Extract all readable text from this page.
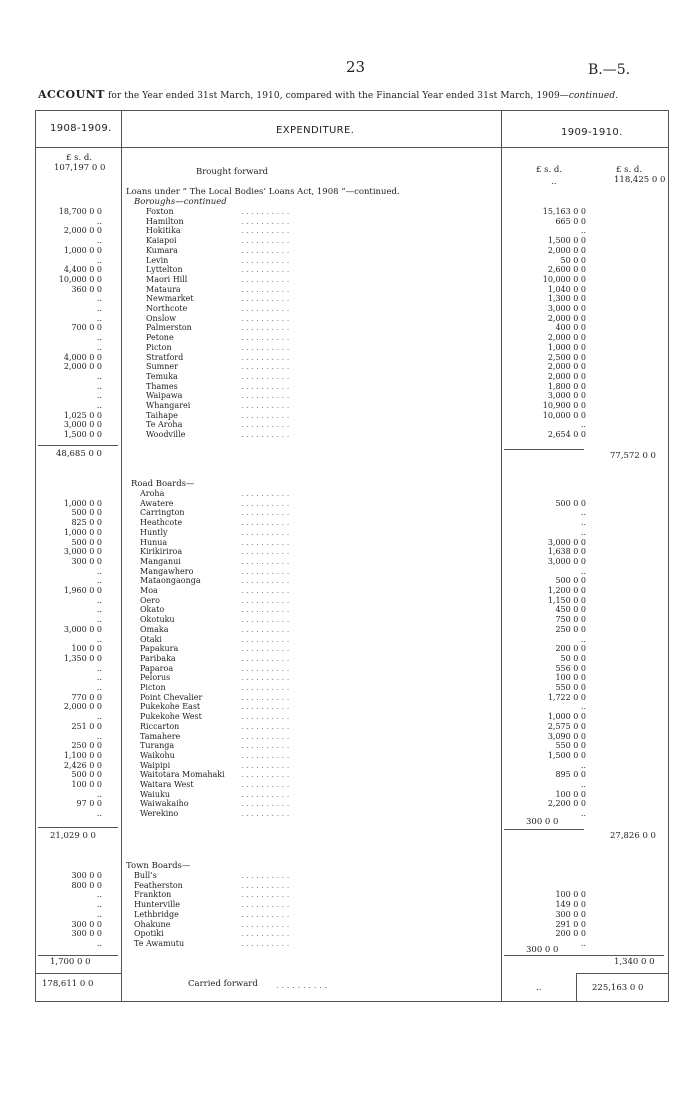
23	B.—5.
ACCOUNT for the Year ended 31st March, 1910, compared with the Financial Year ended 31st March, 1909—continued.
1908-1909.	EXPENDITURE.	1909-1910.
£ s. d.
£ s. d.	£ s. d.
107,197 0 0	Brought forward
..	118,425 0 0
Loans under “ The Local Bodies’ Loans Act, 1908 ”—continued.
Boroughs—continued
18,700 0 0	Foxton	. . . . . . . . . .	15,163 0 0
..	Hamilton	. . . . . . . . . .	665 0 0
2,000 0 0	Hokitika	. . . . . . . . . .	..
..	Kaiapoi	. . . . . . . . . .	1,500 0 0
1,000 0 0	Kumara	. . . . . . . . . .	2,000 0 0
..	Levin	. . . . . . . . . .	50 0 0
4,400 0 0	Lyttelton	. . . . . . . . . .	2,600 0 0
10,000 0 0	Maori Hill	. . . . . . . . . .	10,000 0 0
360 0 0	Mataura	. . . . . . . . . .	1,040 0 0
..	Newmarket	. . . . . . . . . .	1,300 0 0
..	Northcote	. . . . . . . . . .	3,000 0 0
..	Onslow	. . . . . . . . . .	2,000 0 0
700 0 0	Palmerston	. . . . . . . . . .	400 0 0
..	Petone	. . . . . . . . . .	2,000 0 0
..	Picton	. . . . . . . . . .	1,000 0 0
4,000 0 0	Stratford	. . . . . . . . . .	2,500 0 0
2,000 0 0	Sumner	. . . . . . . . . .	2,000 0 0
..	Temuka	. . . . . . . . . .	2,000 0 0
..	Thames	. . . . . . . . . .	1,800 0 0
..	Waipawa	. . . . . . . . . .	3,000 0 0
..	Whangarei	. . . . . . . . . .	10,900 0 0
1,025 0 0	Taihape	. . . . . . . . . .	10,000 0 0
3,000 0 0	Te Aroha	. . . . . . . . . .	..
1,500 0 0	Woodville	. . . . . . . . . .	2,654 0 0
48,685 0 0	77,572 0 0
Road Boards—
Aroha	. . . . . . . . . .
1,000 0 0	Awatere	. . . . . . . . . .	500 0 0
500 0 0	Carrington	. . . . . . . . . .	..
825 0 0	Heathcote	. . . . . . . . . .	..
1,000 0 0	Huntly	. . . . . . . . . .	..
500 0 0	Hunua	. . . . . . . . . .	3,000 0 0
3,000 0 0	Kirikiriroa	. . . . . . . . . .	1,638 0 0
300 0 0	Manganui	. . . . . . . . . .	3,000 0 0
..	Mangawhero	. . . . . . . . . .	..
..	Mataongaonga	. . . . . . . . . .	500 0 0
1,960 0 0	Moa	. . . . . . . . . .	1,200 0 0
..	Oero	. . . . . . . . . .	1,150 0 0
..	Okato	. . . . . . . . . .	450 0 0
..	Okotuku	. . . . . . . . . .	750 0 0
3,000 0 0	Omaka	. . . . . . . . . .	250 0 0
..	Otaki	. . . . . . . . . .	..
100 0 0	Papakura	. . . . . . . . . .	200 0 0
1,350 0 0	Paribaka	. . . . . . . . . .	50 0 0
..	Paparoa	. . . . . . . . . .	556 0 0
..	Pelorus	. . . . . . . . . .	100 0 0
..	Picton	. . . . . . . . . .	550 0 0
770 0 0	Point Chevalier	. . . . . . . . . .	1,722 0 0
2,000 0 0	Pukekohe East	. . . . . . . . . .	..
..	Pukekohe West	. . . . . . . . . .	1,000 0 0
251 0 0	Riccarton	. . . . . . . . . .	2,575 0 0
..	Tamahere	. . . . . . . . . .	3,090 0 0
250 0 0	Turanga	. . . . . . . . . .	550 0 0
1,100 0 0	Waikohu	. . . . . . . . . .	1,500 0 0
2,426 0 0	Waipipi	. . . . . . . . . .	..
500 0 0	Waitotara Momahaki . . . . . . . . . .	895 0 0
100 0 0	Waitara West	. . . . . . . . . .	..
..	Waiuku	. . . . . . . . . .	100 0 0
97 0 0	Waiwakaiho	. . . . . . . . . .	2,200 0 0
..	Werekino	. . . . . . . . . .	..
300 0 0
21,029 0 0	27,826 0 0
Town Boards—
300 0 0	Bull’s	. . . . . . . . . .
800 0 0	Featherston	. . . . . . . . . .
..	Frankton	. . . . . . . . . .	100 0 0
..	Hunterville	. . . . . . . . . .	149 0 0
..	Lethbridge	. . . . . . . . . .	300 0 0
300 0 0	Ohakune	. . . . . . . . . .	291 0 0
300 0 0	Opotiki	. . . . . . . . . .	200 0 0
..	Te Awamutu	. . . . . . . . . .	..
300 0 0
1,700 0 0	1,340 0 0
178,611 0 0	Carried forward . . . . . . . . . .	..	225,163 0 0
